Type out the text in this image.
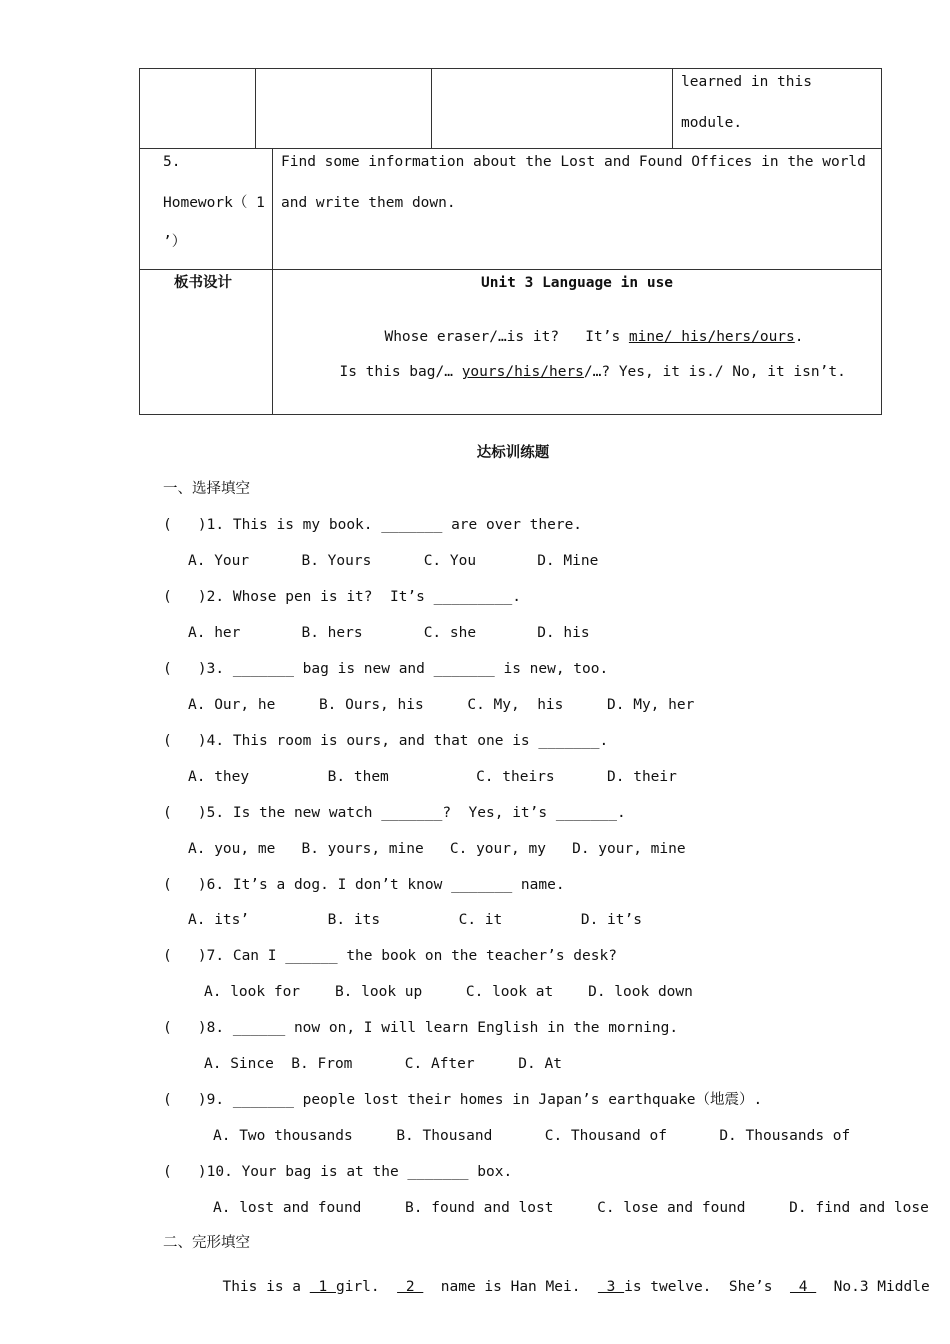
learned in this
module.
5.
Homework（ 1
’）
Find some information about the Lost and Found Offices in the world
and write them down.
板书设计	Unit 3 Language in use

Whose eraser/…is it?   It’s mine/ his/hers/ours.

Is this bag/… yours/his/hers/…? Yes, it is./ No, it isn’t.

达标训练题
一、选择填空
(   )1. This is my book. _______ are over there.
A. Your      B. Yours      C. You       D. Mine
(   )2. Whose pen is it?  It’s _________.
A. her       B. hers       C. she       D. his
(   )3. _______ bag is new and _______ is new, too.
A. Our, he     B. Ours, his     C. My,  his     D. My, her
(   )4. This room is ours, and that one is _______.
A. they         B. them          C. theirs      D. their
(   )5. Is the new watch _______?  Yes, it’s _______.
A. you, me   B. yours, mine   C. your, my   D. your, mine
(   )6. It’s a dog. I don’t know _______ name.
A. its’         B. its         C. it         D. it’s
(   )7. Can I ______ the book on the teacher’s desk?
A. look for    B. look up     C. look at    D. look down
(   )8. ______ now on, I will learn English in the morning.
A. Since  B. From      C. After     D. At
(   )9. _______ people lost their homes in Japan’s earthquake（地震）.
A. Two thousands     B. Thousand      C. Thousand of      D. Thousands of
(   )10. Your bag is at the _______ box.
A. lost and found     B. found and lost     C. lose and found     D. find and lose
二、完形填空

This is a  1 girl.   2   name is Han Mei.   3 is twelve.  She’s   4   No.3 Middle
